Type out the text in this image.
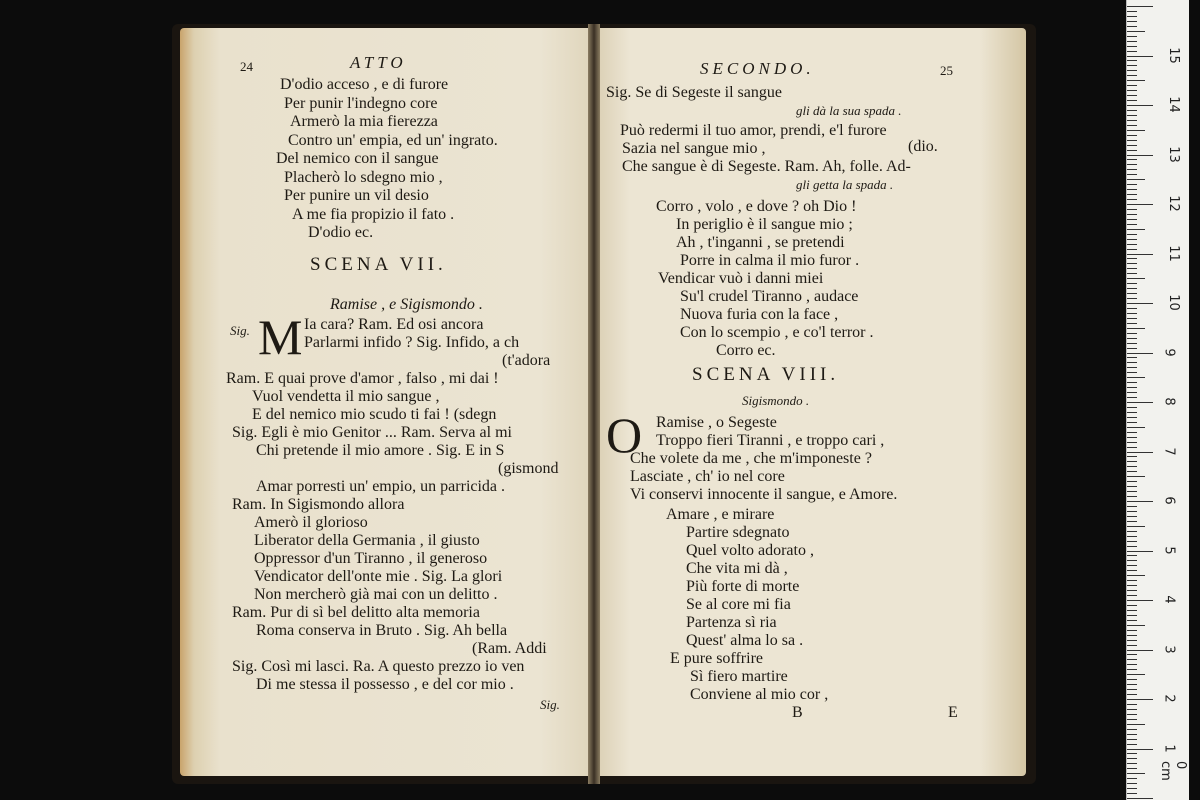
24	ATTO
D'odio acceso , e di furore
Per punir l'indegno core
Armerò la mia fierezza
Contro un' empia, ed un' ingrato.
Del nemico con il sangue
Placherò lo sdegno mio ,
Per punire un vil desio
A me fia propizio il fato .
D'odio ec.
SCENA VII.
Ramise , e Sigismondo .
M
Sig.	Ia cara? Ram. Ed osi ancora
Parlarmi infido ? Sig. Infido, a ch
(t'adora
Ram. E quai prove d'amor , falso , mi dai !
Vuol vendetta il mio sangue ,
E del nemico mio scudo ti fai ! (sdegn
Sig. Egli è mio Genitor ... Ram. Serva al mi
Chi pretende il mio amore . Sig. E in S
(gismond
Amar porresti un' empio, un parricida .
Ram. In Sigismondo allora
Amerò il glorioso
Liberator della Germania , il giusto
Oppressor d'un Tiranno , il generoso
Vendicator dell'onte mie . Sig. La glori
Non mercherò già mai con un delitto .
Ram. Pur di sì bel delitto alta memoria
Roma conserva in Bruto . Sig. Ah bella
(Ram. Addi
Sig. Così mi lasci. Ra. A questo prezzo io ven
Di me stessa il possesso , e del cor mio .
Sig.
SECONDO.	25
Sig. Se di Segeste il sangue
gli dà la sua spada .
Può redermi il tuo amor, prendi, e'l furore
Sazia nel sangue mio ,	(dio.
Che sangue è di Segeste. Ram. Ah, folle. Ad-
gli getta la spada .
Corro , volo , e dove ? oh Dio !
In periglio è il sangue mio ;
Ah , t'inganni , se pretendi
Porre in calma il mio furor .
Vendicar vuò i danni miei
Su'l crudel Tiranno , audace
Nuova furia con la face ,
Con lo scempio , e co'l terror .
Corro ec.
SCENA VIII.
Sigismondo .
O Ramise , o Segeste
Troppo fieri Tiranni , e troppo cari ,
Che volete da me , che m'imponeste ?
Lasciate , ch' io nel core
Vi conservi innocente il sangue, e Amore.
Amare , e mirare
Partire sdegnato
Quel volto adorato ,
Che vita mi dà ,
Più forte di morte
Se al core mi fia
Partenza sì ria
Quest' alma lo sa .
E pure soffrire
Sì fiero martire
Conviene al mio cor ,
B	E
1
2
3
4
5
6
7
8
9
10
11
12
13
14
15
0 cm
